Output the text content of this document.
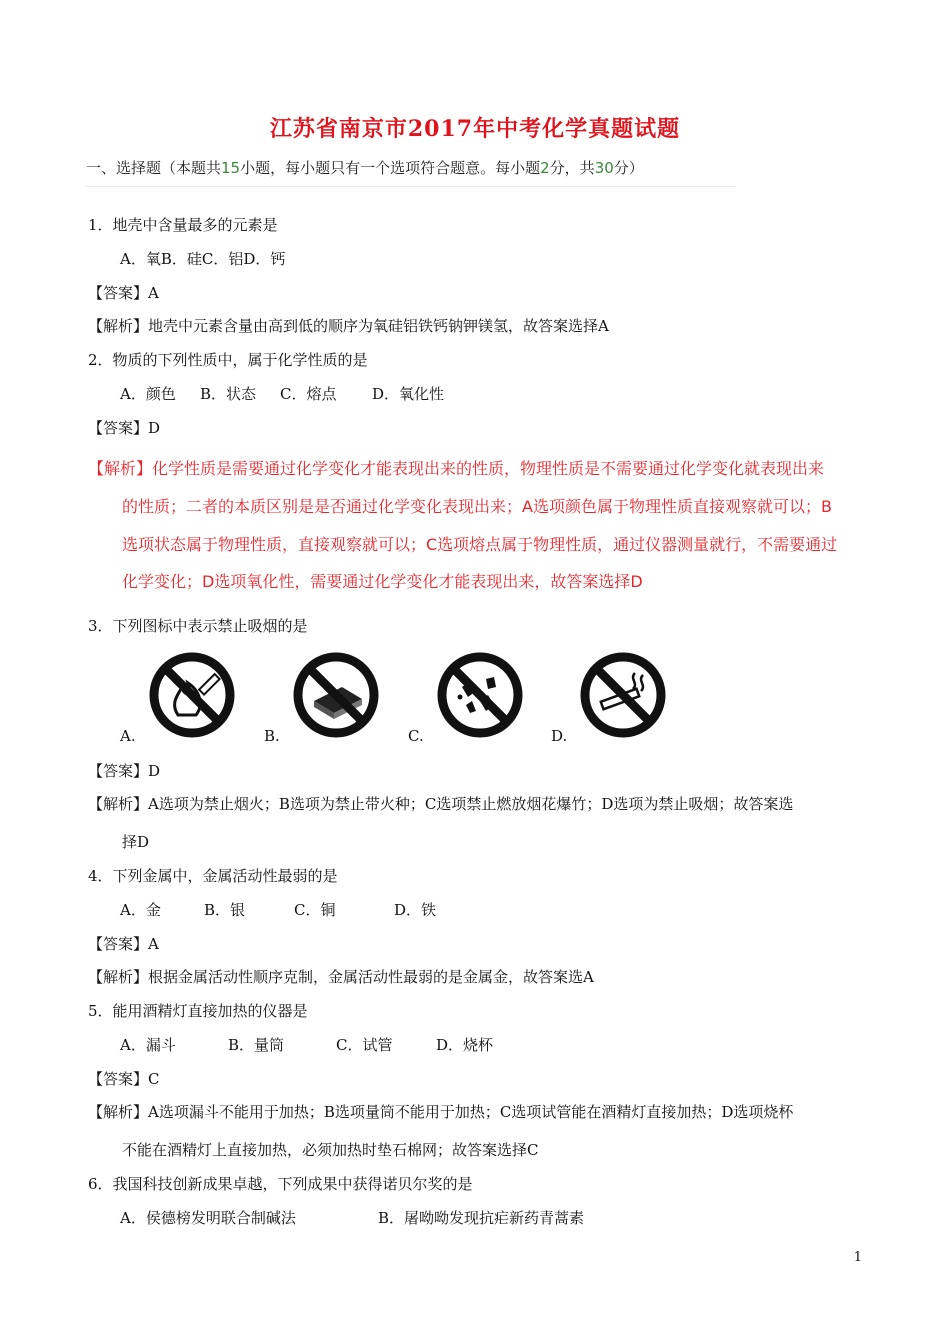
江苏省南京市2017年中考化学真题试题
一、选择题（本题共15小题，每小题只有一个选项符合题意。每小题2分，共30分）
1．地壳中含量最多的元素是
A．氧B．硅C．铝D．钙
【答案】A
【解析】地壳中元素含量由高到低的顺序为氧硅铝铁钙钠钾镁氢，故答案选择A
2．物质的下列性质中，属于化学性质的是
A．颜色 B．状态 C．熔点 D．氧化性
【答案】D
【解析】化学性质是需要通过化学变化才能表现出来的性质，物理性质是不需要通过化学变化就表现出来
的性质；二者的本质区别是是否通过化学变化表现出来；A选项颜色属于物理性质直接观察就可以；B
选项状态属于物理性质，直接观察就可以；C选项熔点属于物理性质，通过仪器测量就行，不需要通过
化学变化；D选项氧化性，需要通过化学变化才能表现出来，故答案选择D
3．下列图标中表示禁止吸烟的是
A.	B.	C.	D.
【答案】D
【解析】A选项为禁止烟火；B选项为禁止带火种；C选项禁止燃放烟花爆竹；D选项为禁止吸烟；故答案选
择D
4．下列金属中，金属活动性最弱的是
A．金	B．银	C．铜	D．铁
【答案】A
【解析】根据金属活动性顺序克制，金属活动性最弱的是金属金，故答案选A
5．能用酒精灯直接加热的仪器是
A．漏斗	B．量筒	C．试管	D．烧杯
【答案】C
【解析】A选项漏斗不能用于加热；B选项量筒不能用于加热；C选项试管能在酒精灯直接加热；D选项烧杯
不能在酒精灯上直接加热，必须加热时垫石棉网；故答案选择C
6．我国科技创新成果卓越，下列成果中获得诺贝尔奖的是
A．侯德榜发明联合制碱法	B．屠呦呦发现抗疟新药青蒿素
1
